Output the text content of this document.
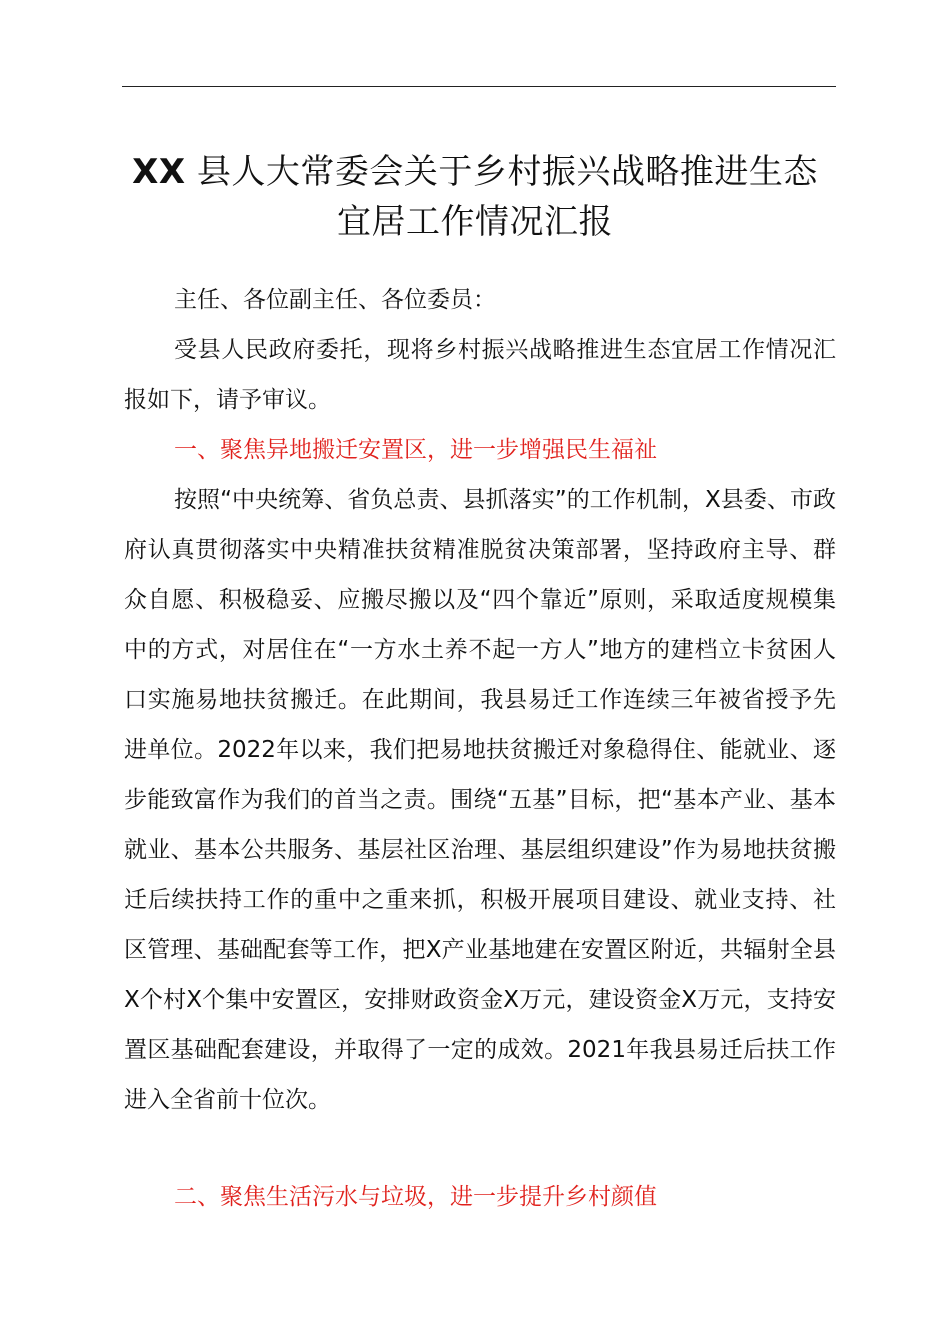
XX 县人大常委会关于乡村振兴战略推进生态
宜居工作情况汇报

主任、各位副主任、各位委员：

受县人民政府委托，现将乡村振兴战略推进生态宜居工作情况汇报如下，请予审议。

一、聚焦异地搬迁安置区，进一步增强民生福祉

按照“中央统筹、省负总责、县抓落实”的工作机制，X县委、市政府认真贯彻落实中央精准扶贫精准脱贫决策部署，坚持政府主导、群众自愿、积极稳妥、应搬尽搬以及“四个靠近”原则，采取适度规模集中的方式，对居住在“一方水土养不起一方人”地方的建档立卡贫困人口实施易地扶贫搬迁。在此期间，我县易迁工作连续三年被省授予先进单位。2022年以来，我们把易地扶贫搬迁对象稳得住、能就业、逐步能致富作为我们的首当之责。围绕“五基”目标，把“基本产业、基本就业、基本公共服务、基层社区治理、基层组织建设”作为易地扶贫搬迁后续扶持工作的重中之重来抓，积极开展项目建设、就业支持、社区管理、基础配套等工作，把X产业基地建在安置区附近，共辐射全县X个村X个集中安置区，安排财政资金X万元，建设资金X万元，支持安置区基础配套建设，并取得了一定的成效。2021年我县易迁后扶工作进入全省前十位次。

二、聚焦生活污水与垃圾，进一步提升乡村颜值
